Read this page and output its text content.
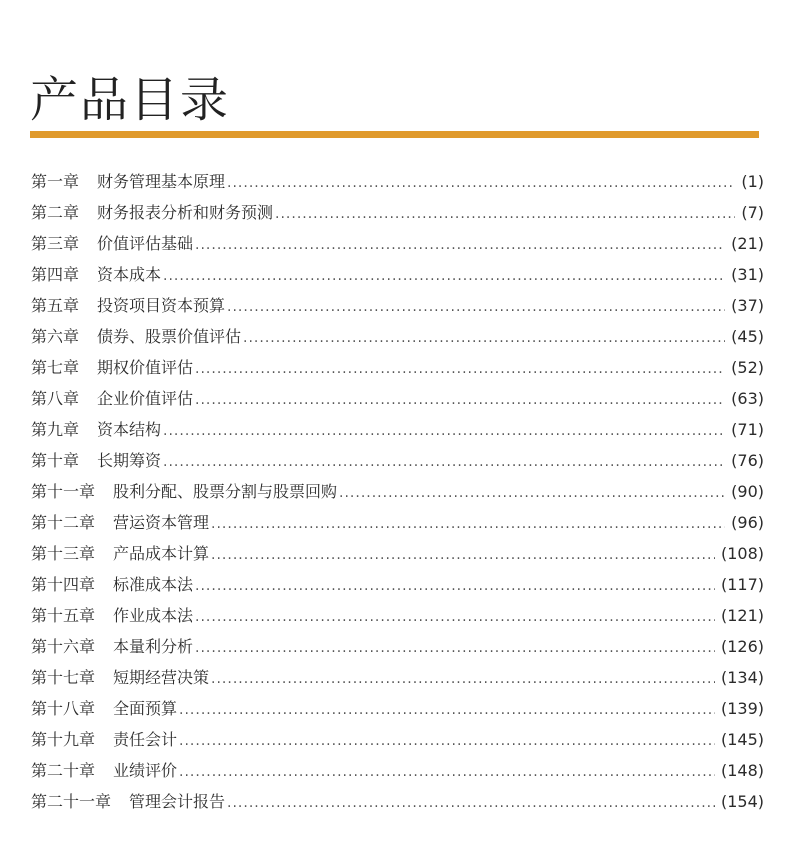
产品目录
第一章 财务管理基本原理 .....	(1)
第二章 财务报表分析和财务预测 .....	(7)
第三章 价值评估基础 .....	(21)
第四章 资本成本 .....	(31)
第五章 投资项目资本预算 .....	(37)
第六章 债券、股票价值评估 .....	(45)
第七章 期权价值评估 .....	(52)
第八章 企业价值评估 .....	(63)
第九章 资本结构 .....	(71)
第十章 长期筹资 .....	(76)
第十一章 股利分配、股票分割与股票回购 .....	(90)
第十二章 营运资本管理 .....	(96)
第十三章 产品成本计算 .....	(108)
第十四章 标准成本法 .....	(117)
第十五章 作业成本法 .....	(121)
第十六章 本量利分析 .....	(126)
第十七章 短期经营决策 .....	(134)
第十八章 全面预算 .....	(139)
第十九章 责任会计 .....	(145)
第二十章 业绩评价 .....	(148)
第二十一章 管理会计报告 .....	(154)
